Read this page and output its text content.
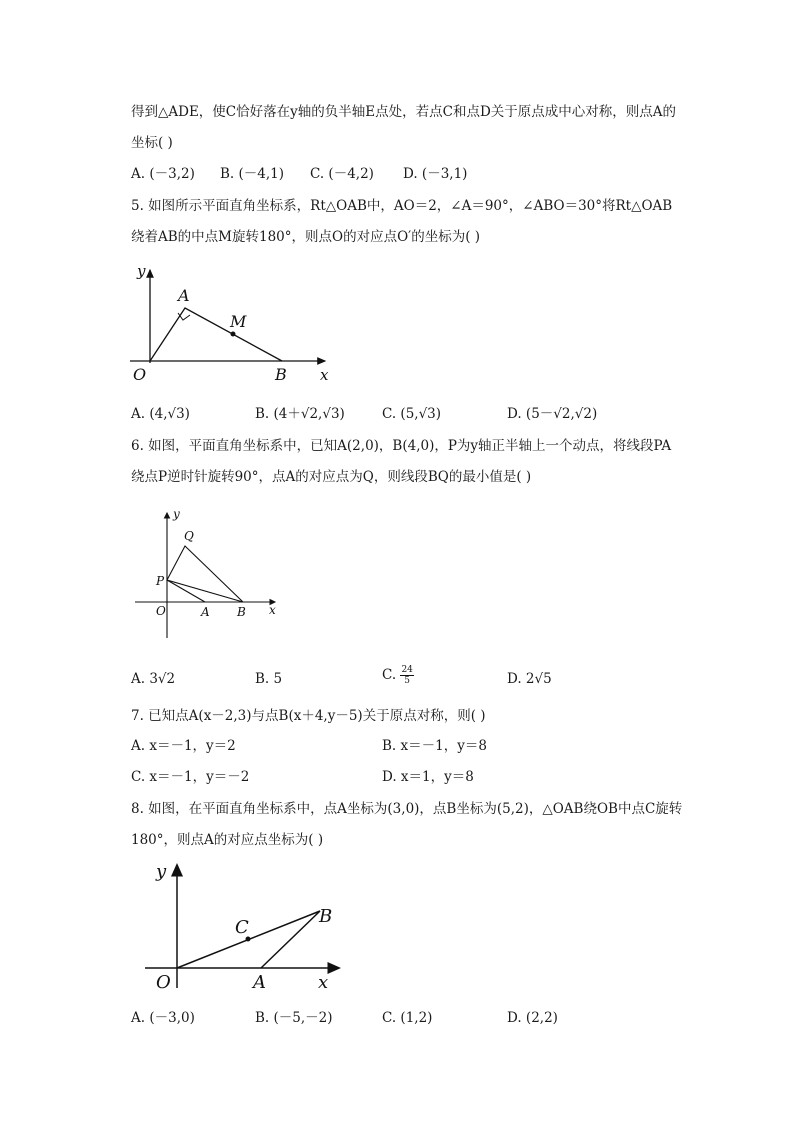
得到△ADE，使C恰好落在y轴的负半轴E点处，若点C和点D关于原点成中心对称，则点A的
坐标( )
A. (－3,2) B. (－4,1) C. (－4,2) D. (－3,1)
5. 如图所示平面直角坐标系，Rt△OAB中，AO＝2，∠A＝90°，∠ABO＝30°将Rt△OAB
绕着AB的中点M旋转180°，则点O的对应点O′的坐标为( )
y
A
M
O	B x
A. (4,√3)	B. (4＋√2,√3)	C. (5,√3)	D. (5－√2,√2)
6. 如图，平面直角坐标系中，已知A(2,0)，B(4,0)，P为y轴正半轴上一个动点，将线段PA
绕点P逆时针旋转90°，点A的对应点为Q，则线段BQ的最小值是( )
y
Q
P
O	A B x
A. 3√2	B. 5	C. $\frac{24}{5}$	D. 2√5
7. 已知点A(x－2,3)与点B(x＋4,y－5)关于原点对称，则( )
A. x＝－1，y＝2	B. x＝－1，y＝8
C. x＝－1，y＝－2	D. x＝1，y＝8
8. 如图，在平面直角坐标系中，点A坐标为(3,0)，点B坐标为(5,2)，△OAB绕OB中点C旋转
180°，则点A的对应点坐标为( )
y
C
B
O	A	x
A. (－3,0)	B. (－5,－2)	C. (1,2)	D. (2,2)
